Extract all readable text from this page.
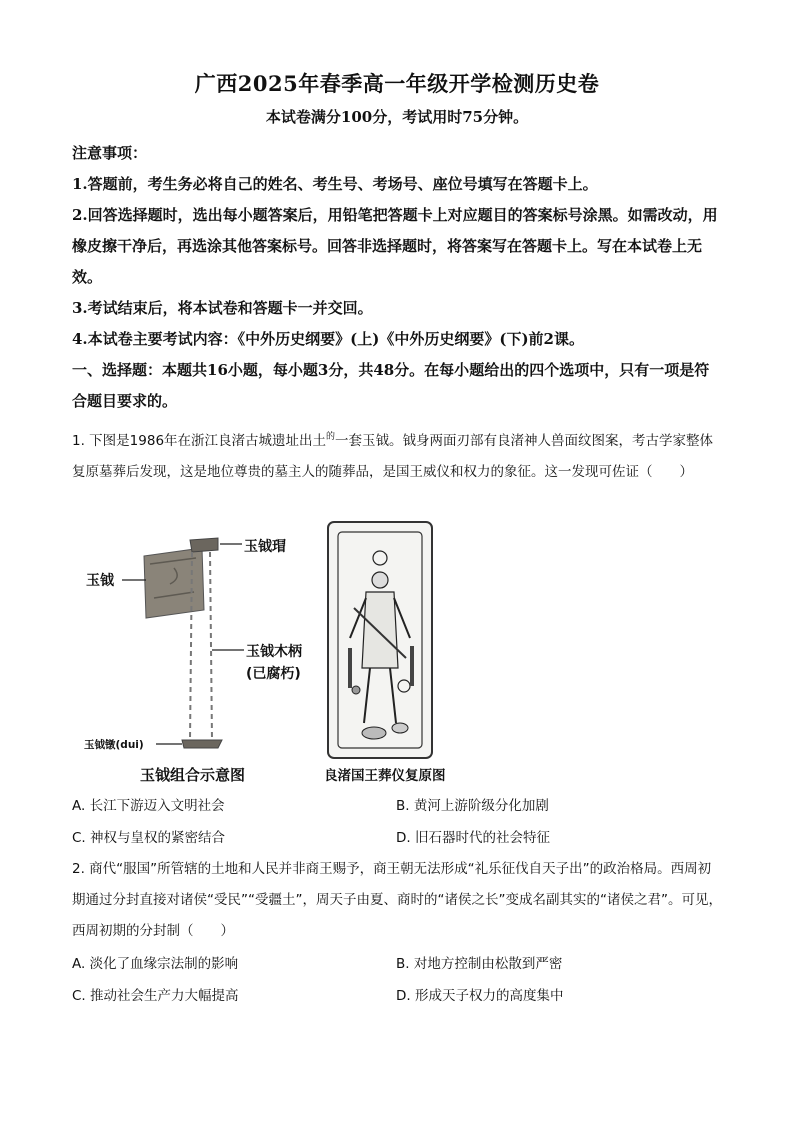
广西2025年春季高一年级开学检测历史卷
本试卷满分100分，考试用时75分钟。

注意事项：

1.答题前，考生务必将自己的姓名、考生号、考场号、座位号填写在答题卡上。

2.回答选择题时，选出每小题答案后，用铅笔把答题卡上对应题目的答案标号涂黑。如需改动，用橡皮擦干净后，再选涂其他答案标号。回答非选择题时，将答案写在答题卡上。写在本试卷上无效。

3.考试结束后，将本试卷和答题卡一并交回。

4.本试卷主要考试内容：《中外历史纲要》(上)《中外历史纲要》(下)前2课。

一、选择题：本题共16小题，每小题3分，共48分。在每小题给出的四个选项中，只有一项是符合题目要求的。

1. 下图是1986年在浙江良渚古城遗址出土$^的$一套玉钺。钺身两面刃部有良渚神人兽面纹图案，考古学家整体复原墓葬后发现，这是地位尊贵的墓主人的随葬品，是国王威仪和权力的象征。这一发现可佐证（　　）
玉钺瑁
玉钺
玉钺木柄
(已腐朽)
玉钺镦(dui)
玉钺组合示意图	良渚国王葬仪复原图
A. 长江下游迈入文明社会	B. 黄河上游阶级分化加剧
C. 神权与皇权的紧密结合	D. 旧石器时代的社会特征
2. 商代“服国”所管辖的土地和人民并非商王赐予，商王朝无法形成“礼乐征伐自天子出”的政治格局。西周初期通过分封直接对诸侯“受民”“受疆土”，周天子由夏、商时的“诸侯之长”变成名副其实的“诸侯之君”。可见，西周初期的分封制（　　）
A. 淡化了血缘宗法制的影响	B. 对地方控制由松散到严密
C. 推动社会生产力大幅提高	D. 形成天子权力的高度集中
